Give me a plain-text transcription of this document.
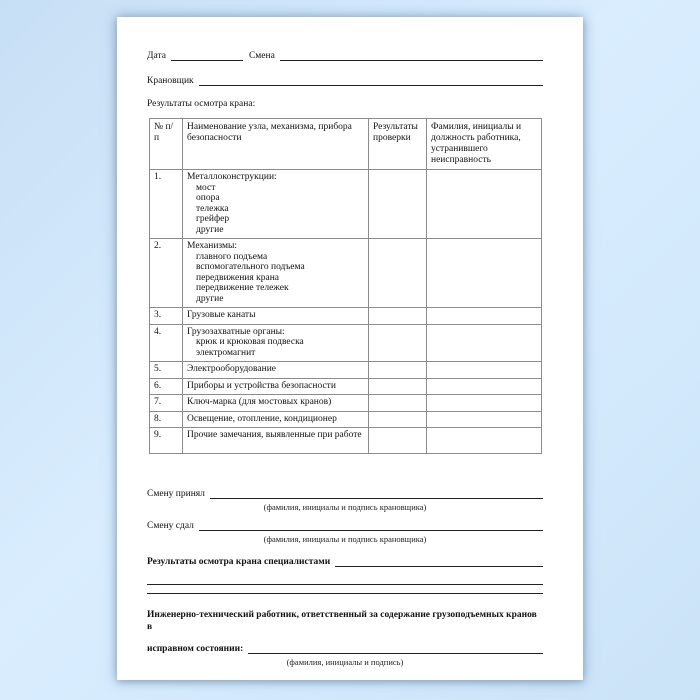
Дата	Смена
Крановщик
Результаты осмотра крана:
№ п/п	Наименование узла, механизма, прибора безопасности	Результаты проверки	Фамилия, инициалы и должность работника, устранившего неисправность
1.	Металлоконструкции:
мост
опора
тележка
грейфер
другие

2.	Механизмы:
главного подъема
вспомогательного подъема
передвижения крана
передвижение тележек
другие

3.	Грузовые канаты		

4.	Грузозахватные органы:
крюк и крюковая подвеска
электромагнит		

5.	Электрооборудование		

6.	Приборы и устройства безопасности		

7.	Ключ-марка (для мостовых кранов)		

8.	Освещение, отопление, кондиционер		

9.	Прочие замечания, выявленные при работе		

Смену принял
(фамилия, инициалы и подпись крановщика)
Смену сдал
(фамилия, инициалы и подпись крановщика)
Результаты осмотра крана специалистами
Инженерно-технический работник, ответственный за содержание грузоподъемных кранов в
исправном состоянии:
(фамилия, инициалы и подпись)
